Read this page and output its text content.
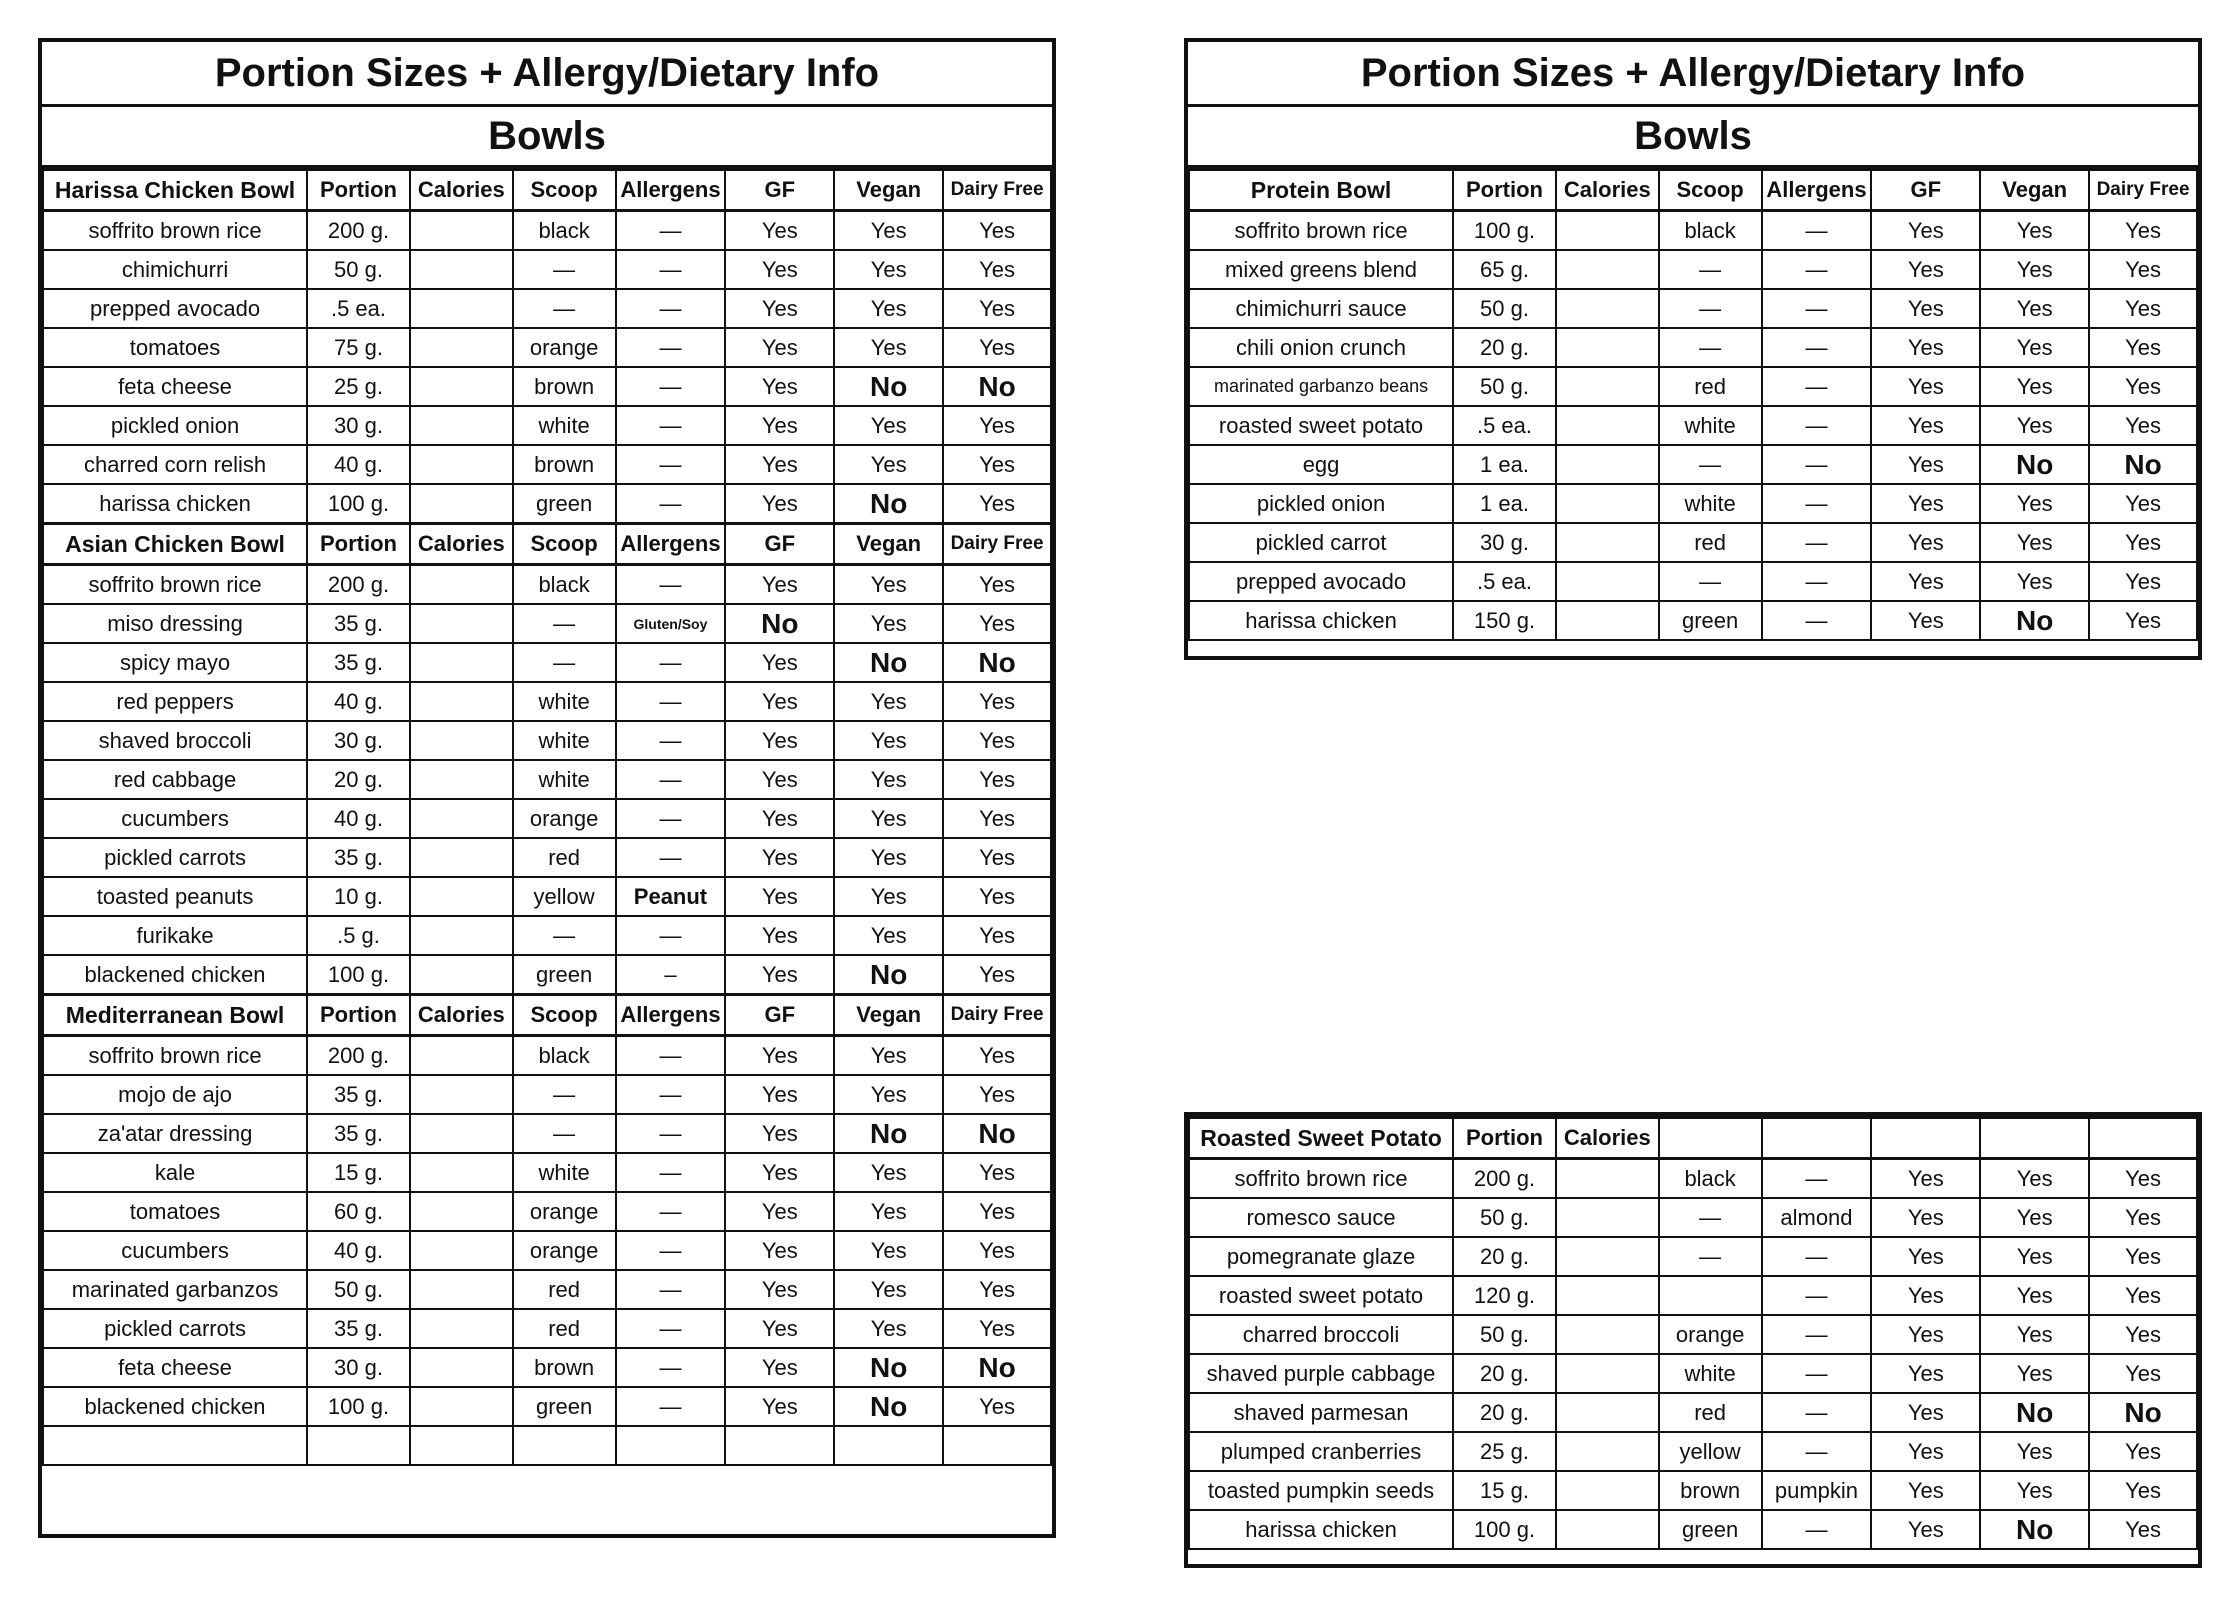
Portion Sizes + Allergy/Dietary Info
Bowls
Harissa Chicken Bowl	Portion	Calories	Scoop	Allergens	GF	Vegan	Dairy Free
soffrito brown rice	200 g.		black	—	Yes	Yes	Yes
chimichurri	50 g.		—	—	Yes	Yes	Yes
prepped avocado	.5 ea.		—	—	Yes	Yes	Yes
tomatoes	75 g.		orange	—	Yes	Yes	Yes
feta cheese	25 g.		brown	—	Yes	No	No
pickled onion	30 g.		white	—	Yes	Yes	Yes
charred corn relish	40 g.		brown	—	Yes	Yes	Yes
harissa chicken	100 g.		green	—	Yes	No	Yes
Asian Chicken Bowl	Portion	Calories	Scoop	Allergens	GF	Vegan	Dairy Free
soffrito brown rice	200 g.		black	—	Yes	Yes	Yes
miso dressing	35 g.		—	Gluten/Soy	No	Yes	Yes
spicy mayo	35 g.		—	—	Yes	No	No
red peppers	40 g.		white	—	Yes	Yes	Yes
shaved broccoli	30 g.		white	—	Yes	Yes	Yes
red cabbage	20 g.		white	—	Yes	Yes	Yes
cucumbers	40 g.		orange	—	Yes	Yes	Yes
pickled carrots	35 g.		red	—	Yes	Yes	Yes
toasted peanuts	10 g.		yellow	Peanut	Yes	Yes	Yes
furikake	.5 g.		—	—	Yes	Yes	Yes
blackened chicken	100 g.		green	–	Yes	No	Yes
Mediterranean Bowl	Portion	Calories	Scoop	Allergens	GF	Vegan	Dairy Free
soffrito brown rice	200 g.		black	—	Yes	Yes	Yes
mojo de ajo	35 g.		—	—	Yes	Yes	Yes
za'atar dressing	35 g.		—	—	Yes	No	No
kale	15 g.		white	—	Yes	Yes	Yes
tomatoes	60 g.		orange	—	Yes	Yes	Yes
cucumbers	40 g.		orange	—	Yes	Yes	Yes
marinated garbanzos	50 g.		red	—	Yes	Yes	Yes
pickled carrots	35 g.		red	—	Yes	Yes	Yes
feta cheese	30 g.		brown	—	Yes	No	No
blackened chicken	100 g.		green	—	Yes	No	Yes

Portion Sizes + Allergy/Dietary Info
Bowls
Protein Bowl	Portion	Calories	Scoop	Allergens	GF	Vegan	Dairy Free
soffrito brown rice	100 g.		black	—	Yes	Yes	Yes
mixed greens blend	65 g.		—	—	Yes	Yes	Yes
chimichurri sauce	50 g.		—	—	Yes	Yes	Yes
chili onion crunch	20 g.		—	—	Yes	Yes	Yes
marinated garbanzo beans	50 g.		red	—	Yes	Yes	Yes
roasted sweet potato	.5 ea.		white	—	Yes	Yes	Yes
egg	1 ea.		—	—	Yes	No	No
pickled onion	1 ea.		white	—	Yes	Yes	Yes
pickled carrot	30 g.		red	—	Yes	Yes	Yes
prepped avocado	.5 ea.		—	—	Yes	Yes	Yes
harissa chicken	150 g.		green	—	Yes	No	Yes
Roasted Sweet Potato	Portion	Calories					
soffrito brown rice	200 g.		black	—	Yes	Yes	Yes
romesco sauce	50 g.		—	almond	Yes	Yes	Yes
pomegranate glaze	20 g.		—	—	Yes	Yes	Yes
roasted sweet potato	120 g.			—	Yes	Yes	Yes
charred broccoli	50 g.		orange	—	Yes	Yes	Yes
shaved purple cabbage	20 g.		white	—	Yes	Yes	Yes
shaved parmesan	20 g.		red	—	Yes	No	No
plumped cranberries	25 g.		yellow	—	Yes	Yes	Yes
toasted pumpkin seeds	15 g.		brown	pumpkin	Yes	Yes	Yes
harissa chicken	100 g.		green	—	Yes	No	Yes
